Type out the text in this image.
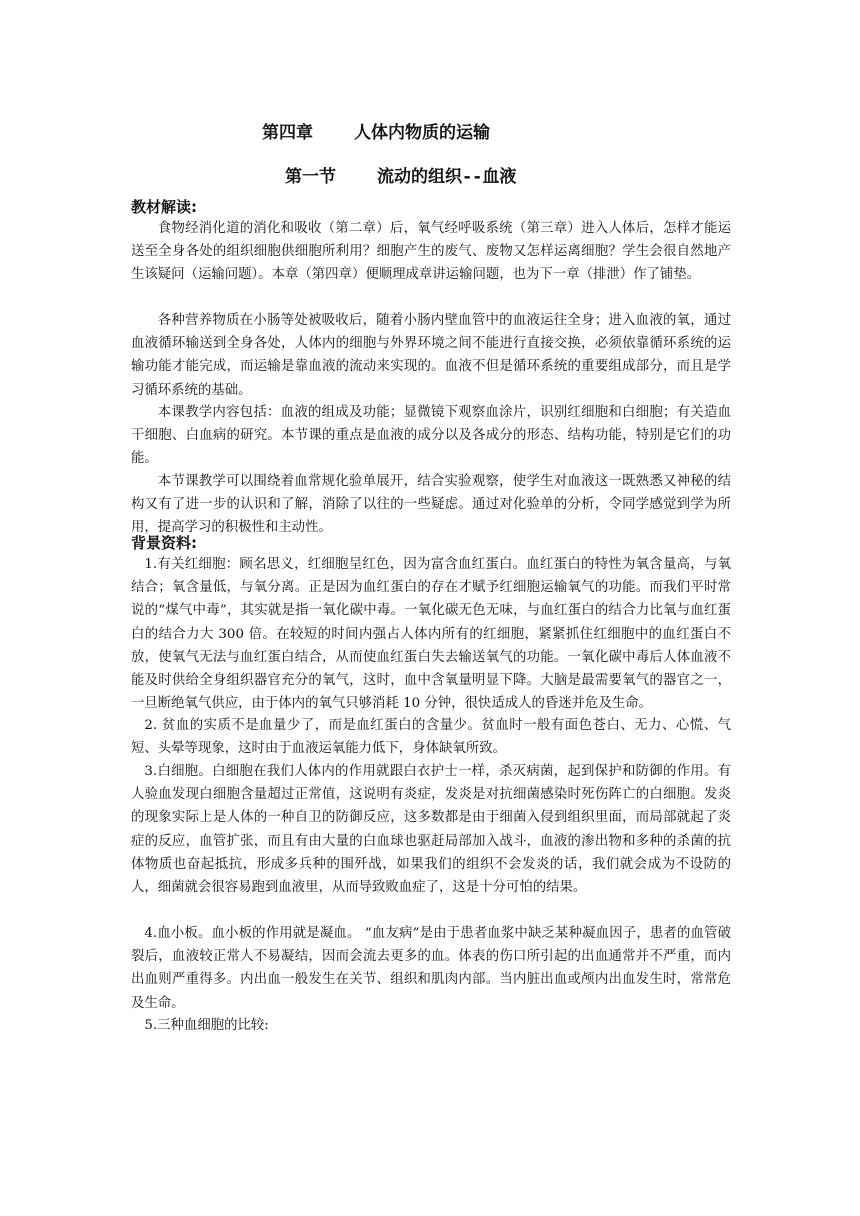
第四章    人体内物质的运输
第一节    流动的组织--血液
教材解读:

食物经消化道的消化和吸收（第二章）后，氧气经呼吸系统（第三章）进入人体后，怎样才能运送至全身各处的组织细胞供细胞所利用？细胞产生的废气、废物又怎样运离细胞？学生会很自然地产生该疑问（运输问题）。本章（第四章）便顺理成章讲运输问题，也为下一章（排泄）作了铺垫。

各种营养物质在小肠等处被吸收后，随着小肠内壁血管中的血液运往全身；进入血液的氧，通过血液循环输送到全身各处，人体内的细胞与外界环境之间不能进行直接交换，必须依靠循环系统的运输功能才能完成，而运输是靠血液的流动来实现的。血液不但是循环系统的重要组成部分，而且是学习循环系统的基础。

本课教学内容包括：血液的组成及功能；显微镜下观察血涂片，识别红细胞和白细胞；有关造血干细胞、白血病的研究。本节课的重点是血液的成分以及各成分的形态、结构功能，特别是它们的功能。

本节课教学可以围绕着血常规化验单展开，结合实验观察，使学生对血液这一既熟悉又神秘的结构又有了进一步的认识和了解，消除了以往的一些疑虑。通过对化验单的分析，令同学感觉到学为所用，提高学习的积极性和主动性。

背景资料:

1.有关红细胞：顾名思义，红细胞呈红色，因为富含血红蛋白。血红蛋白的特性为氧含量高，与氧结合；氧含量低，与氧分离。正是因为血红蛋白的存在才赋予红细胞运输氧气的功能。而我们平时常说的“煤气中毒”，其实就是指一氧化碳中毒。一氧化碳无色无味，与血红蛋白的结合力比氧与血红蛋白的结合力大 300 倍。在较短的时间内强占人体内所有的红细胞，紧紧抓住红细胞中的血红蛋白不放，使氧气无法与血红蛋白结合，从而使血红蛋白失去输送氧气的功能。一氧化碳中毒后人体血液不能及时供给全身组织器官充分的氧气，这时，血中含氧量明显下降。大脑是最需要氧气的器官之一，一旦断绝氧气供应，由于体内的氧气只够消耗 10 分钟，很快适成人的昏迷并危及生命。

2. 贫血的实质不是血量少了，而是血红蛋白的含量少。贫血时一般有面色苍白、无力、心慌、气短、头晕等现象，这时由于血液运氧能力低下，身体缺氧所致。

3.白细胞。白细胞在我们人体内的作用就跟白衣护士一样，杀灭病菌，起到保护和防御的作用。有人验血发现白细胞含量超过正常值，这说明有炎症，发炎是对抗细菌感染时死伤阵亡的白细胞。发炎的现象实际上是人体的一种自卫的防御反应，这多数都是由于细菌入侵到组织里面，而局部就起了炎症的反应，血管扩张，而且有由大量的白血球也驱赶局部加入战斗，血液的渗出物和多种的杀菌的抗体物质也奋起抵抗，形成多兵种的围歼战，如果我们的组织不会发炎的话，我们就会成为不设防的人，细菌就会很容易跑到血液里，从而导致败血症了，这是十分可怕的结果。

4.血小板。血小板的作用就是凝血。 “血友病”是由于患者血浆中缺乏某种凝血因子，患者的血管破裂后，血液较正常人不易凝结，因而会流去更多的血。体表的伤口所引起的出血通常并不严重，而内出血则严重得多。内出血一般发生在关节、组织和肌肉内部。当内脏出血或颅内出血发生时，常常危及生命。

5.三种血细胞的比较:
